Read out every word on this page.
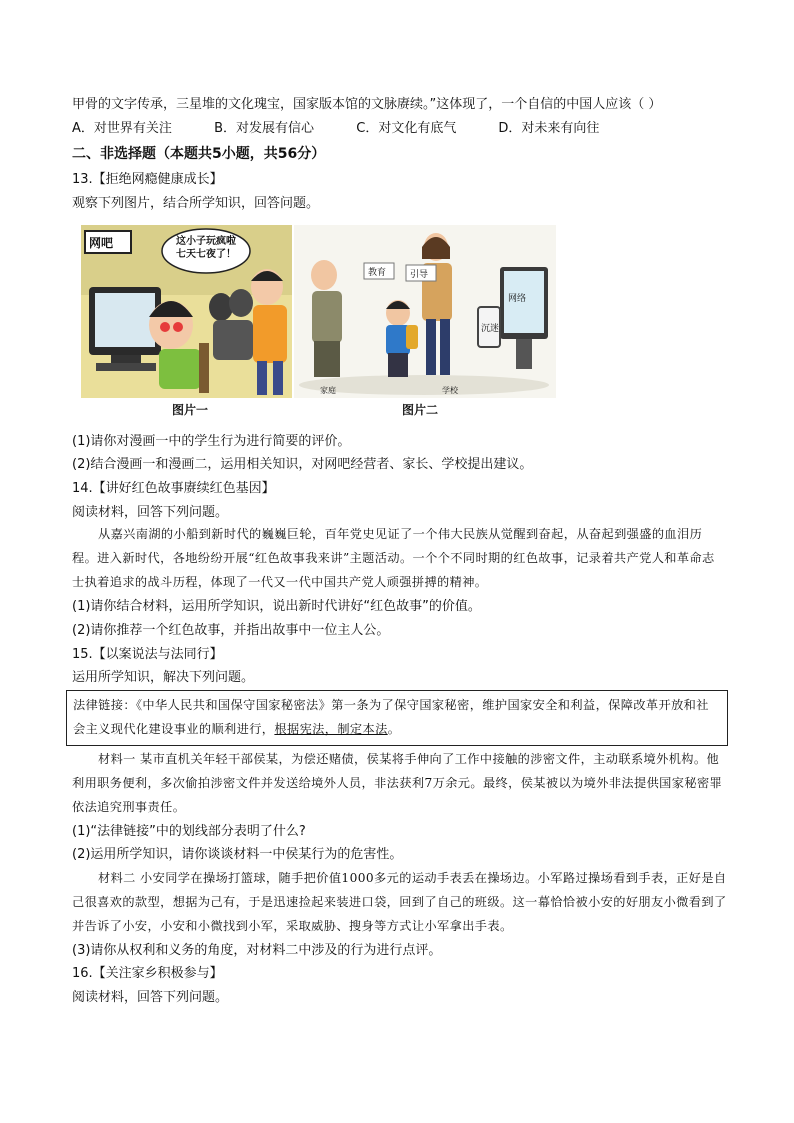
甲骨的文字传承，三星堆的文化瑰宝，国家版本馆的文脉赓续。”这体现了，一个自信的中国人应该（ ）
A．对世界有关注	B．对发展有信心	C．对文化有底气	D．对未来有向往
二、非选择题（本题共5小题，共56分）
13.【拒绝网瘾健康成长】
观察下列图片，结合所学知识，回答问题。
网吧	这小子玩疯啦 七天七夜了！
图片一
教育	引导
网络
沉迷
家庭	学校
图片二
(1)请你对漫画一中的学生行为进行简要的评价。
(2)结合漫画一和漫画二，运用相关知识，对网吧经营者、家长、学校提出建议。
14.【讲好红色故事赓续红色基因】
阅读材料，回答下列问题。
从嘉兴南湖的小船到新时代的巍巍巨轮，百年党史见证了一个伟大民族从觉醒到奋起，从奋起到强盛的血泪历程。进入新时代，各地纷纷开展“红色故事我来讲”主题活动。一个个不同时期的红色故事，记录着共产党人和革命志士执着追求的战斗历程，体现了一代又一代中国共产党人顽强拼搏的精神。
(1)请你结合材料，运用所学知识，说出新时代讲好“红色故事”的价值。
(2)请你推荐一个红色故事，并指出故事中一位主人公。
15.【以案说法与法同行】
运用所学知识，解决下列问题。
法律链接：《中华人民共和国保守国家秘密法》第一条为了保守国家秘密，维护国家安全和利益，保障改革开放和社会主义现代化建设事业的顺利进行，根据宪法，制定本法。
材料一 某市直机关年轻干部侯某，为偿还赌债，侯某将手伸向了工作中接触的涉密文件，主动联系境外机构。他利用职务便利，多次偷拍涉密文件并发送给境外人员，非法获利7万余元。最终，侯某被以为境外非法提供国家秘密罪依法追究刑事责任。
(1)“法律链接”中的划线部分表明了什么?
(2)运用所学知识，请你谈谈材料一中侯某行为的危害性。
材料二 小安同学在操场打篮球，随手把价值1000多元的运动手表丢在操场边。小军路过操场看到手表，正好是自己很喜欢的款型，想据为己有，于是迅速捡起来装进口袋，回到了自己的班级。这一幕恰恰被小安的好朋友小微看到了并告诉了小安，小安和小微找到小军，采取威胁、搜身等方式让小军拿出手表。
(3)请你从权利和义务的角度，对材料二中涉及的行为进行点评。
16.【关注家乡积极参与】
阅读材料，回答下列问题。
